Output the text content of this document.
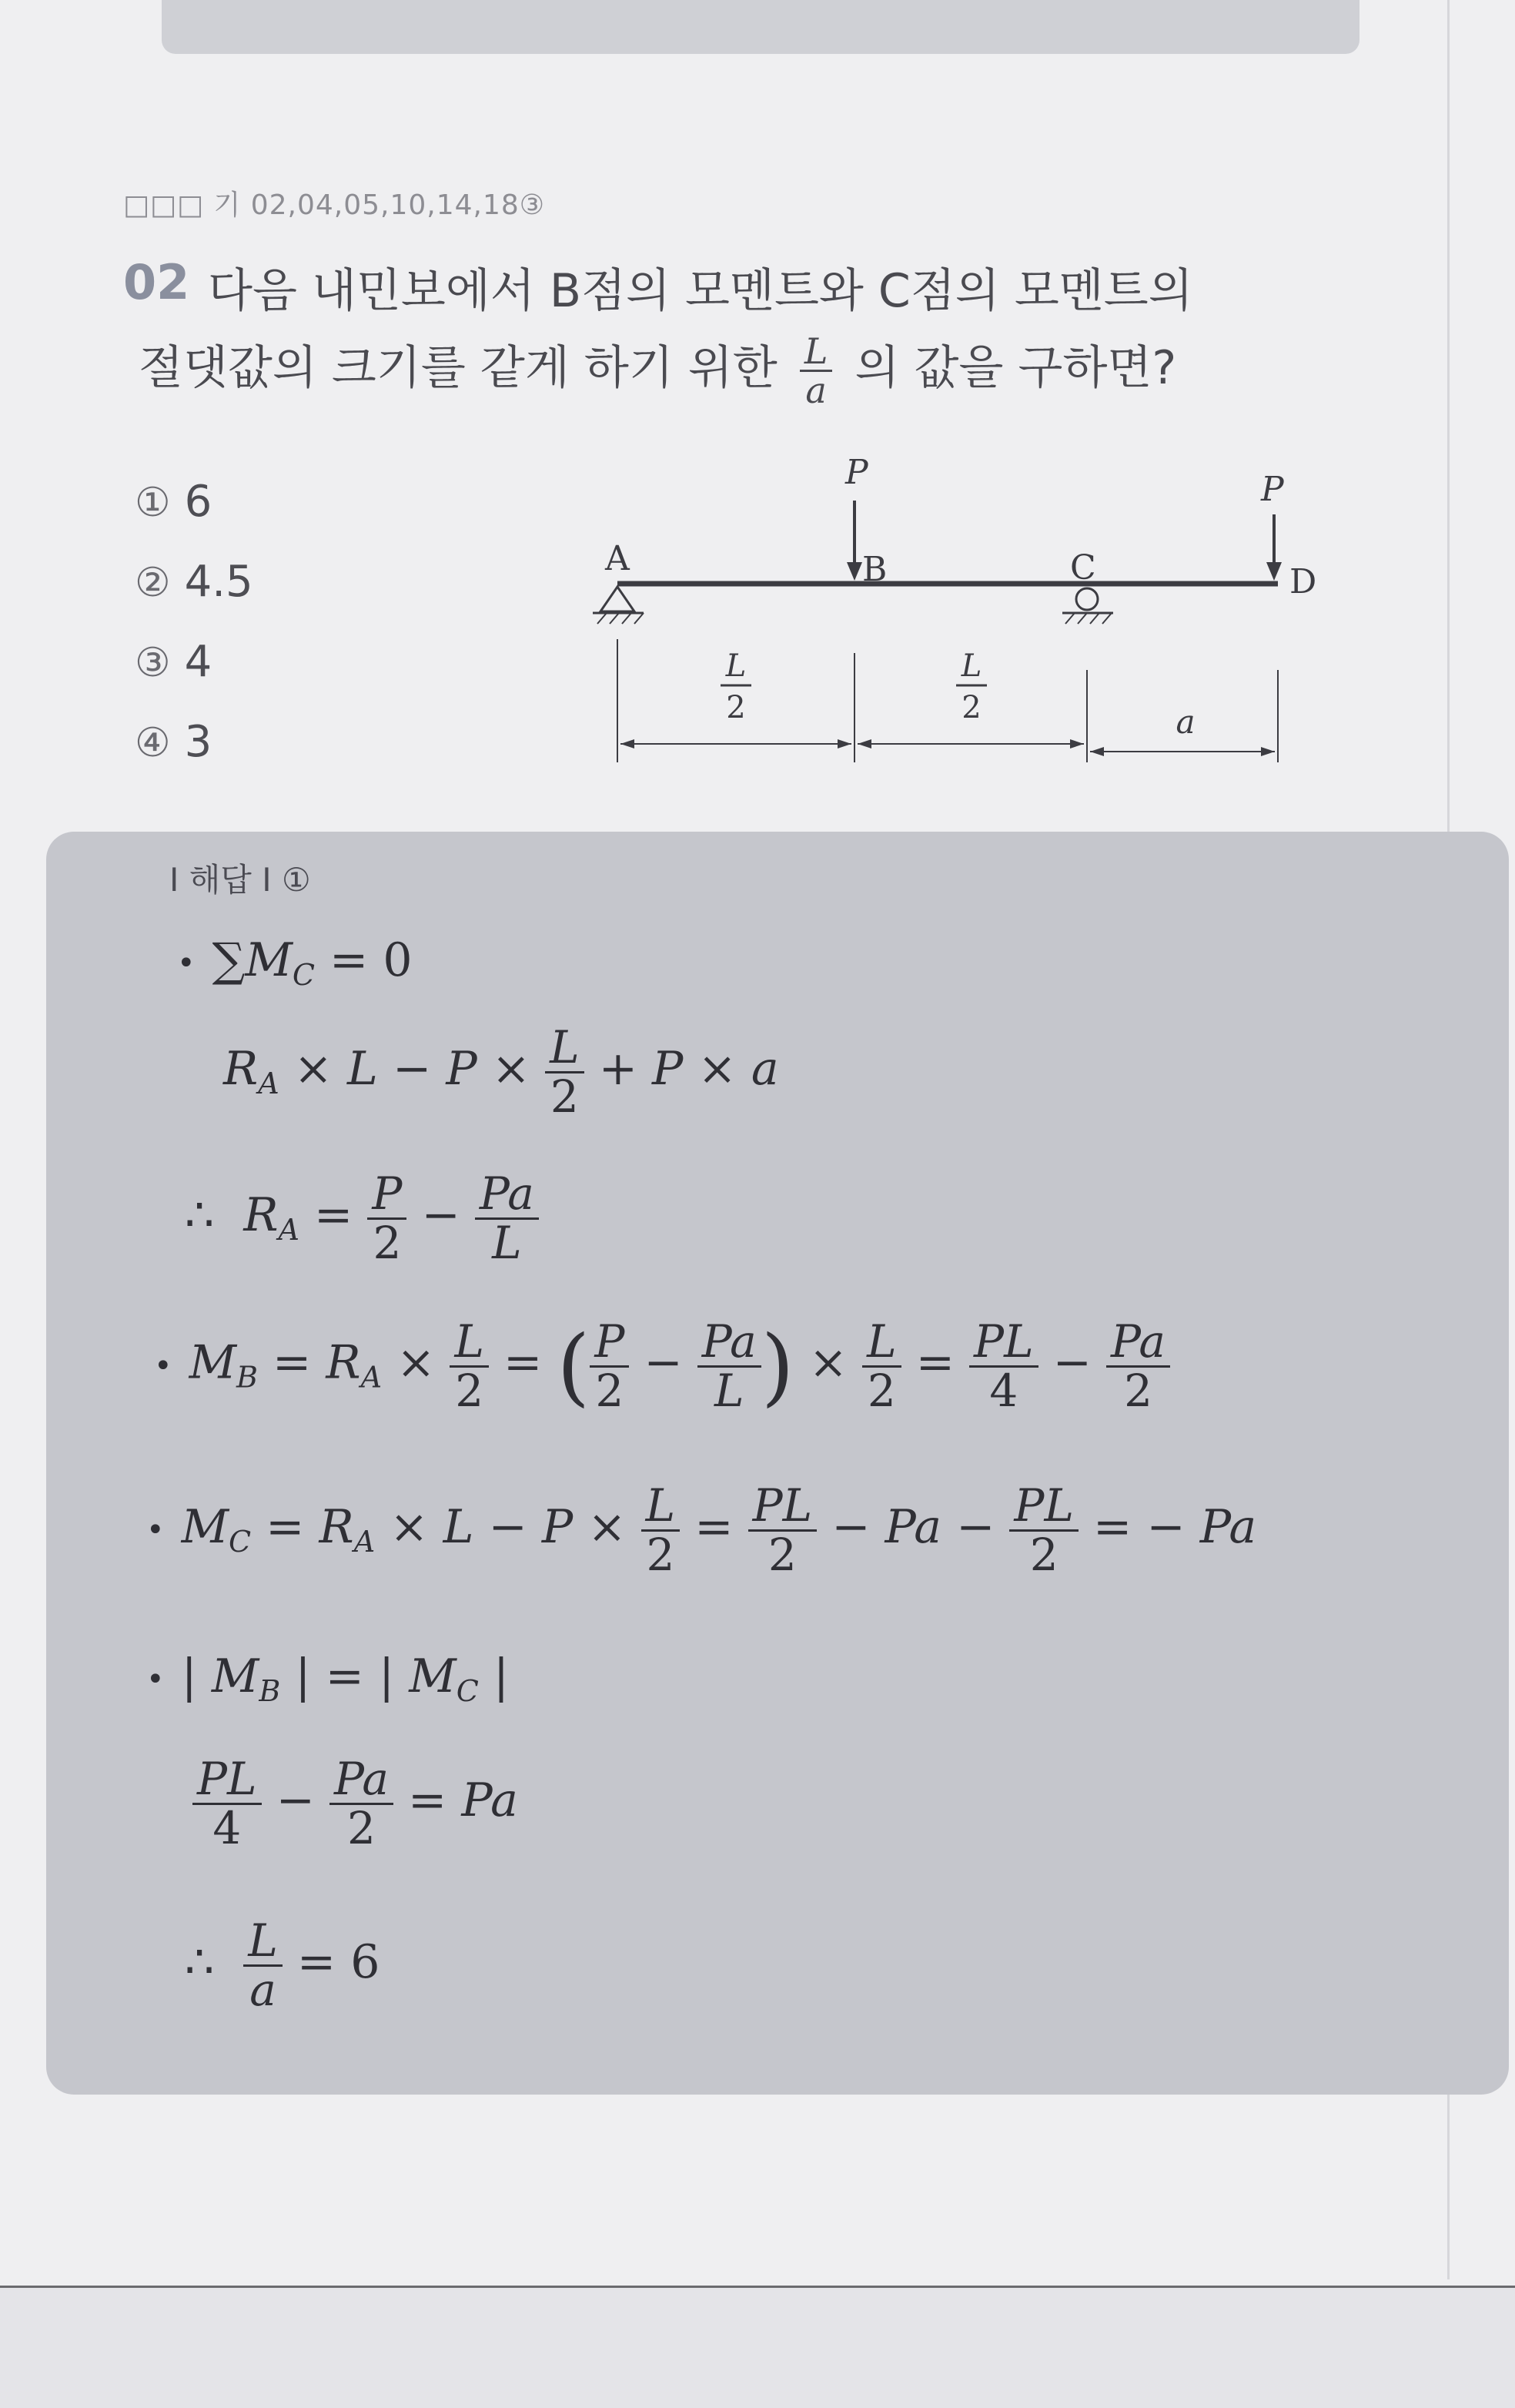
□□□ 기 02,04,05,10,14,18③
02 다음 내민보에서 B점의 모멘트와 C점의 모멘트의
절댓값의 크기를 같게 하기 위한 $\frac{L}{a}$ 의 값을 구하면?
① 6
② 4.5
③ 4
④ 3
P	P
A	B	C	D
L
2
L
2	a
I 해답 I ①
• $\sum M_C = 0$
$R_A \times L - P \times \frac{L}{2} + P \times a$
∴ $R_A = \frac{P}{2} - \frac{Pa}{L}$
• $M_B = R_A \times \frac{L}{2}$ = ( $\frac{P}{2} - \frac{Pa}{L}$ ) × $\frac{L}{2} = \frac{PL}{4} - \frac{Pa}{2}$
• $M_C = R_A \times L - P \times \frac{L}{2} = \frac{PL}{2} - Pa - \frac{PL}{2}$ = − Pa
• | $M_B$ | = | $M_C$ |
$\frac{PL}{4} - \frac{Pa}{2} = Pa$
∴ $\frac{L}{a} = 6$
